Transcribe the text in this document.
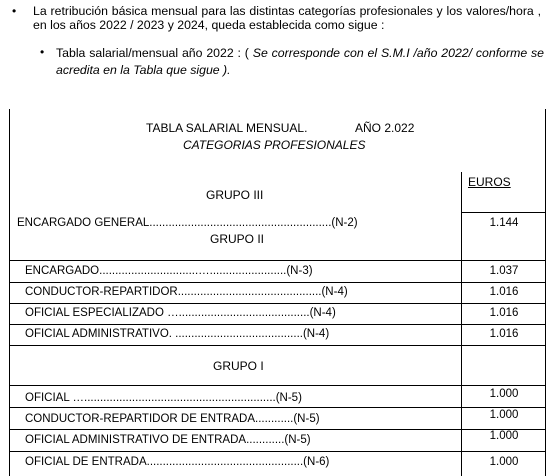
• La retribución básica mensual para las distintas categorías profesionales y los valores/hora , en los años 2022 / 2023 y 2024, queda establecida como sigue :
• Tabla salarial/mensual año 2022 : ( Se corresponde con el S.M.I /año 2022/ conforme se acredita en la Tabla que sigue ).
TABLA SALARIAL MENSUAL.	AÑO 2.022
CATEGORIAS PROFESIONALES
EUROS
GRUPO III
ENCARGADO GENERAL.........................................................(N-2)	1.144
GRUPO II
ENCARGADO...............................…........................(N-3)	1.037
CONDUCTOR-REPARTIDOR.............................................(N-4)	1.016
OFICIAL ESPECIALIZADO ….........................................(N-4)	1.016
OFICIAL ADMINISTRATIVO. ........................................(N-4)	1.016
GRUPO I
OFICIAL …............................................................(N-5)	1.000
CONDUCTOR-REPARTIDOR DE ENTRADA............(N-5)	1.000
OFICIAL ADMINISTRATIVO DE ENTRADA............(N-5)	1.000
OFICIAL DE ENTRADA.................................................(N-6)	1.000
